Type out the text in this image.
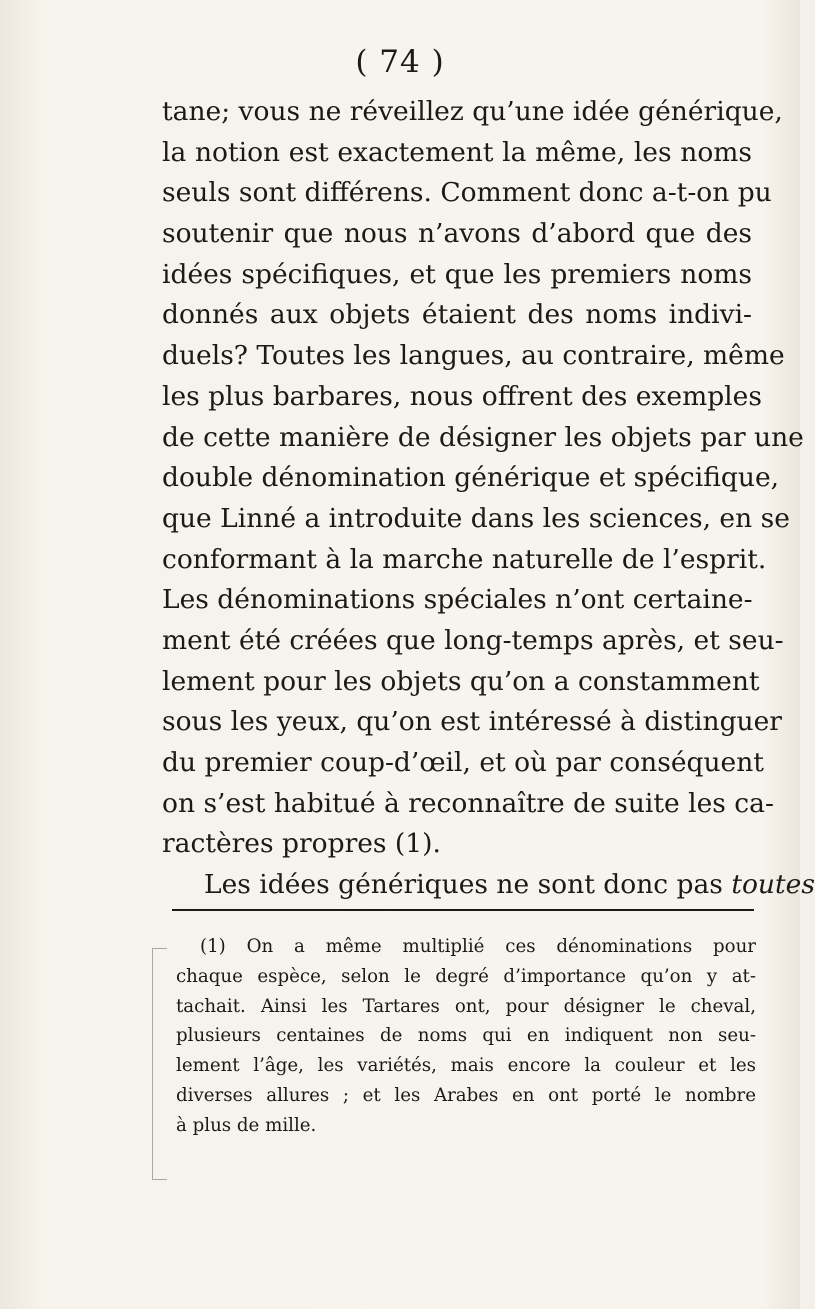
( 74 )
tane; vous ne réveillez qu’une idée générique,
la notion est exactement la même, les noms
seuls sont différens. Comment donc a-t-on pu
soutenir que nous n’avons d’abord que des
idées spécifiques, et que les premiers noms
donnés aux objets étaient des noms indivi-
duels? Toutes les langues, au contraire, même
les plus barbares, nous offrent des exemples
de cette manière de désigner les objets par une
double dénomination générique et spécifique,
que Linné a introduite dans les sciences, en se
conformant à la marche naturelle de l’esprit.
Les dénominations spéciales n’ont certaine-
ment été créées que long-temps après, et seu-
lement pour les objets qu’on a constamment
sous les yeux, qu’on est intéressé à distinguer
du premier coup-d’œil, et où par conséquent
on s’est habitué à reconnaître de suite les ca-
ractères propres (1).
Les idées génériques ne sont donc pas toutes
(1) On a même multiplié ces dénominations pour
chaque espèce, selon le degré d’importance qu’on y at-
tachait. Ainsi les Tartares ont, pour désigner le cheval,
plusieurs centaines de noms qui en indiquent non seu-
lement l’âge, les variétés, mais encore la couleur et les
diverses allures ; et les Arabes en ont porté le nombre
à plus de mille.
